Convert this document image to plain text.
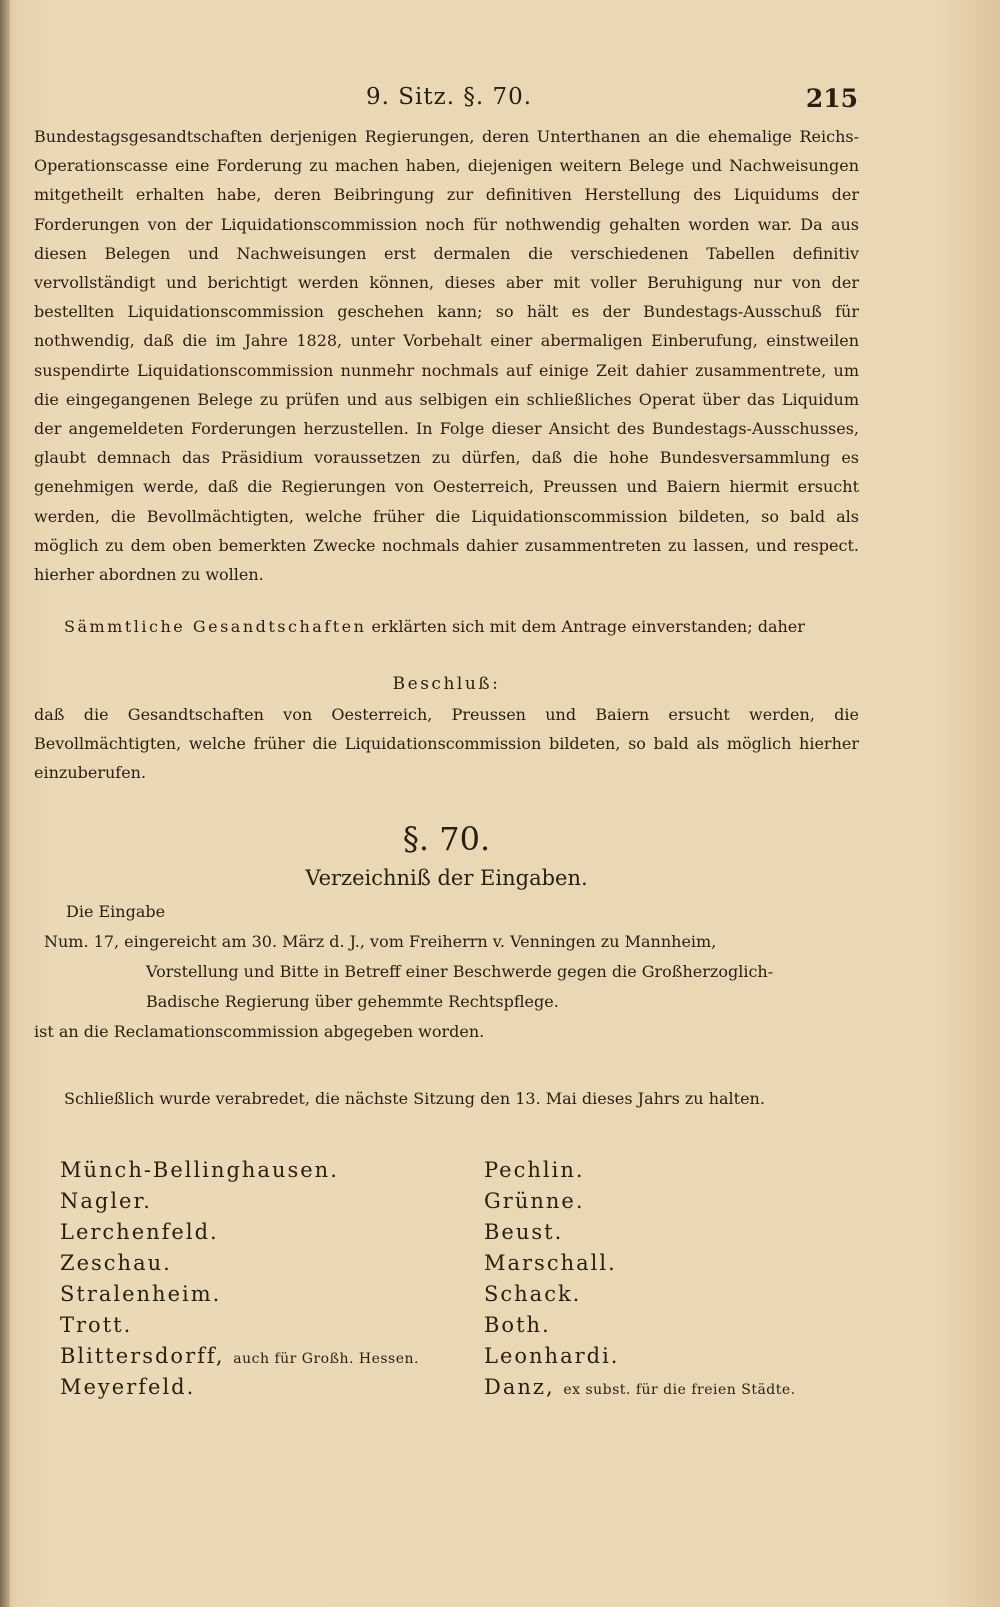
9. Sitz. §. 70.	215
Bundestagsgesandtschaften derjenigen Regierungen, deren Unterthanen an die ehemalige Reichs-Operationscasse eine Forderung zu machen haben, diejenigen weitern Belege und Nachweisungen mitgetheilt erhalten habe, deren Beibringung zur definitiven Herstellung des Liquidums der Forderungen von der Liquidationscommission noch für nothwendig gehalten worden war. Da aus diesen Belegen und Nachweisungen erst dermalen die verschiedenen Tabellen definitiv vervollständigt und berichtigt werden können, dieses aber mit voller Beruhigung nur von der bestellten Liquidationscommission geschehen kann; so hält es der Bundestags-Ausschuß für nothwendig, daß die im Jahre 1828, unter Vorbehalt einer abermaligen Einberufung, einstweilen suspendirte Liquidationscommission nunmehr nochmals auf einige Zeit dahier zusammentrete, um die eingegangenen Belege zu prüfen und aus selbigen ein schließliches Operat über das Liquidum der angemeldeten Forderungen herzustellen. In Folge dieser Ansicht des Bundestags-Ausschusses, glaubt demnach das Präsidium voraussetzen zu dürfen, daß die hohe Bundesversammlung es genehmigen werde, daß die Regierungen von Oesterreich, Preussen und Baiern hiermit ersucht werden, die Bevollmächtigten, welche früher die Liquidationscommission bildeten, so bald als möglich zu dem oben bemerkten Zwecke nochmals dahier zusammentreten zu lassen, und respect. hierher abordnen zu wollen.
Sämmtliche Gesandtschaften erklärten sich mit dem Antrage einverstanden; daher
Beschluß:
daß die Gesandtschaften von Oesterreich, Preussen und Baiern ersucht werden, die Bevollmächtigten, welche früher die Liquidationscommission bildeten, so bald als möglich hierher einzuberufen.
§. 70.
Verzeichniß der Eingaben.
Die Eingabe
Num. 17, eingereicht am 30. März d. J., vom Freiherrn v. Venningen zu Mannheim,
Vorstellung und Bitte in Betreff einer Beschwerde gegen die Großherzoglich-
Badische Regierung über gehemmte Rechtspflege.
ist an die Reclamationscommission abgegeben worden.
Schließlich wurde verabredet, die nächste Sitzung den 13. Mai dieses Jahrs zu halten.
Münch-Bellinghausen.
Nagler.
Lerchenfeld.
Zeschau.
Stralenheim.
Trott.
Blittersdorff, auch für Großh. Hessen.
Meyerfeld.
Pechlin.
Grünne.
Beust.
Marschall.
Schack.
Both.
Leonhardi.
Danz, ex subst. für die freien Städte.
